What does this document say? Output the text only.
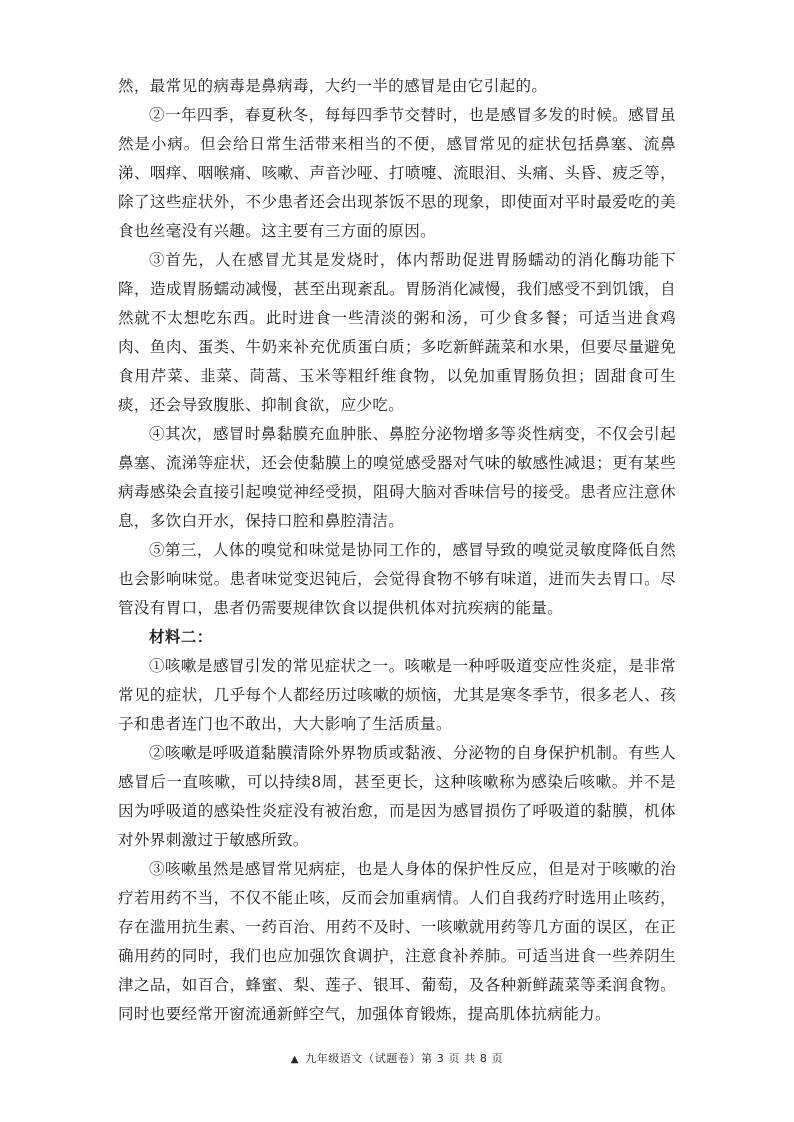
然，最常见的病毒是鼻病毒，大约一半的感冒是由它引起的。

②一年四季，春夏秋冬，每每四季节交替时，也是感冒多发的时候。感冒虽然是小病。但会给日常生活带来相当的不便，感冒常见的症状包括鼻塞、流鼻涕、咽痒、咽喉痛、咳嗽、声音沙哑、打喷嚏、流眼泪、头痛、头昏、疲乏等，除了这些症状外，不少患者还会出现茶饭不思的现象，即使面对平时最爱吃的美食也丝毫没有兴趣。这主要有三方面的原因。

③首先，人在感冒尤其是发烧时，体内帮助促进胃肠蠕动的消化酶功能下降，造成胃肠蠕动减慢，甚至出现紊乱。胃肠消化减慢，我们感受不到饥饿，自然就不太想吃东西。此时进食一些清淡的粥和汤，可少食多餐；可适当进食鸡肉、鱼肉、蛋类、牛奶来补充优质蛋白质；多吃新鲜蔬菜和水果，但要尽量避免食用芹菜、韭菜、茼蒿、玉米等粗纤维食物，以免加重胃肠负担；固甜食可生痰，还会导致腹胀、抑制食欲，应少吃。

④其次，感冒时鼻黏膜充血肿胀、鼻腔分泌物增多等炎性病变，不仅会引起鼻塞、流涕等症状，还会使黏膜上的嗅觉感受器对气味的敏感性减退；更有某些病毒感染会直接引起嗅觉神经受损，阻碍大脑对香味信号的接受。患者应注意休息，多饮白开水，保持口腔和鼻腔清洁。

⑤第三，人体的嗅觉和味觉是协同工作的，感冒导致的嗅觉灵敏度降低自然也会影响味觉。患者味觉变迟钝后，会觉得食物不够有味道，进而失去胃口。尽管没有胃口，患者仍需要规律饮食以提供机体对抗疾病的能量。

材料二：

①咳嗽是感冒引发的常见症状之一。咳嗽是一种呼吸道变应性炎症，是非常常见的症状，几乎每个人都经历过咳嗽的烦恼，尤其是寒冬季节，很多老人、孩子和患者连门也不敢出，大大影响了生活质量。

②咳嗽是呼吸道黏膜清除外界物质或黏液、分泌物的自身保护机制。有些人感冒后一直咳嗽，可以持续8周，甚至更长，这种咳嗽称为感染后咳嗽。并不是因为呼吸道的感染性炎症没有被治愈，而是因为感冒损伤了呼吸道的黏膜，机体对外界刺激过于敏感所致。

③咳嗽虽然是感冒常见病症，也是人身体的保护性反应，但是对于咳嗽的治疗若用药不当，不仅不能止咳，反而会加重病情。人们自我药疗时选用止咳药，存在滥用抗生素、一药百治、用药不及时、一咳嗽就用药等几方面的误区，在正确用药的同时，我们也应加强饮食调护，注意食补养肺。可适当进食一些养阴生津之品，如百合，蜂蜜、梨、莲子、银耳、葡萄，及各种新鲜蔬菜等柔润食物。同时也要经常开窗流通新鲜空气，加强体育锻炼，提高肌体抗病能力。

▲ 九年级语文（试题卷）第 3 页 共 8 页
